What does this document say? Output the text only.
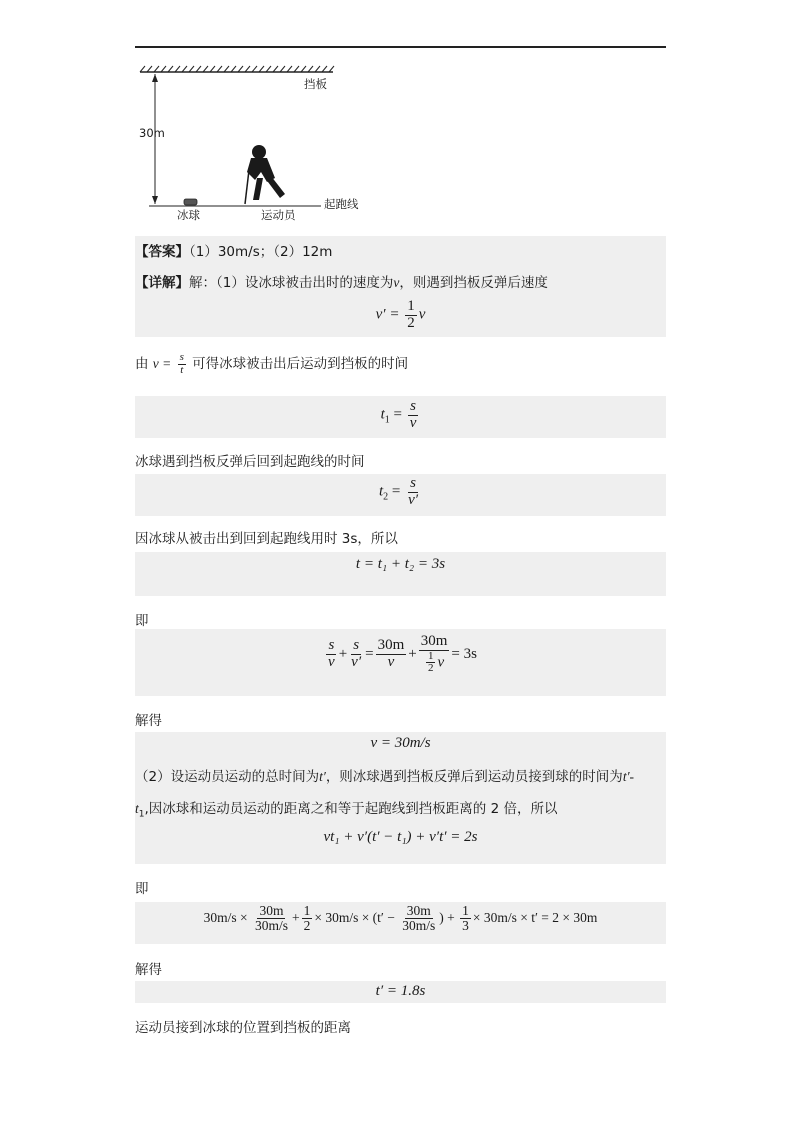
挡板
30m
冰球	运动员
起跑线
【答案】（1）30m/s；（2）12m
【详解】解：（1）设冰球被击出时的速度为v，则遇到挡板反弹后速度
$v' = \frac{1}{2}$ v
由 $v = \frac{s}{t}$ 可得冰球被击出后运动到挡板的时间
$t_1 = \frac{s}{v}$
冰球遇到挡板反弹后回到起跑线的时间
$t_2 = \frac{s}{v'}$
因冰球从被击出到回到起跑线用时 3s，所以
t = t₁ + t₂ = 3s
即
$\frac{s}{v} + \frac{s}{v'} = \frac{30m}{v} + \frac{30m}{\frac{1}{2} v} = 3s$
解得
v = 30m/s
（2）设运动员运动的总时间为t′，则冰球遇到挡板反弹后到运动员接到球的时间为t′-
$t_1$,因冰球和运动员运动的距离之和等于起跑线到挡板距离的 2 倍，所以
vt₁ + v′(t′ − t₁) + v′t′ = 2s
即
$30m/s \times \frac{30m}{30m/s} + \frac{1}{2} \times 30m/s \times (t' - \frac{30m}{30m/s}$ ) + $\frac{1}{3} \times 30m/s \times t' = 2 \times 30m$
解得
t′ = 1.8s
运动员接到冰球的位置到挡板的距离
